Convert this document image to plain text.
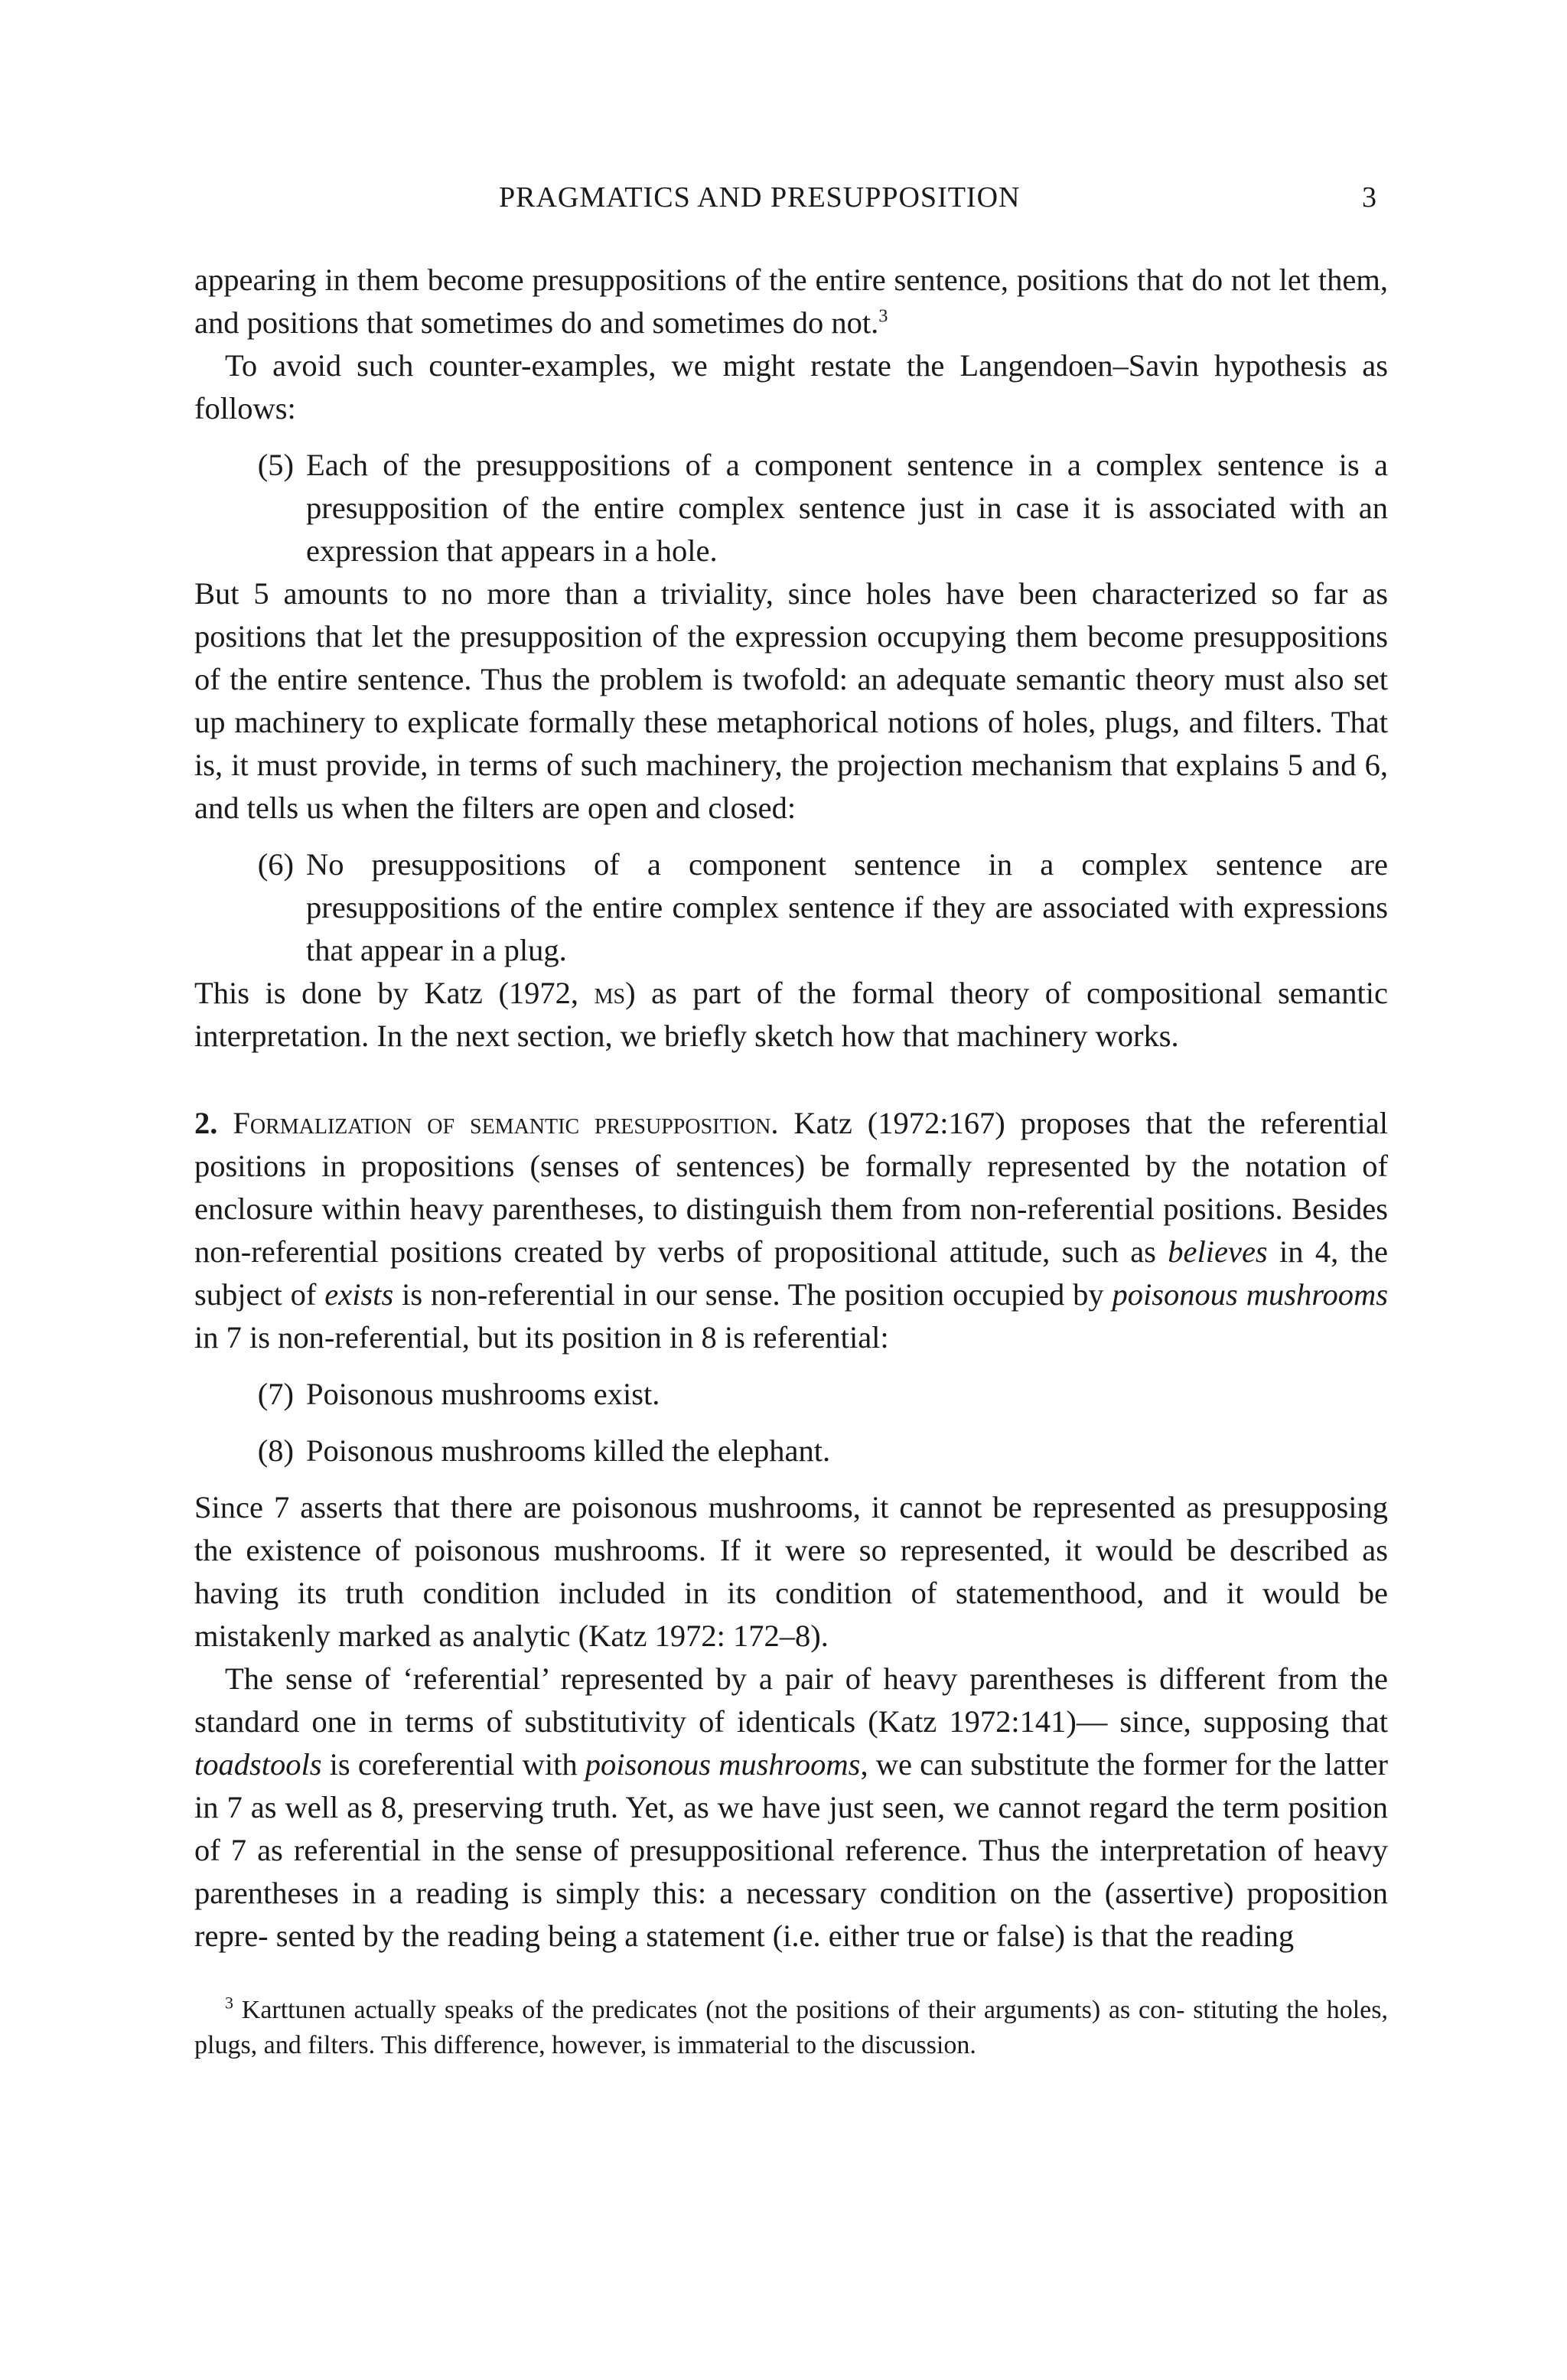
PRAGMATICS AND PRESUPPOSITION	3

appearing in them become presuppositions of the entire sentence, positions that do not let them, and positions that sometimes do and sometimes do not.$^3$

To avoid such counter-examples, we might restate the Langendoen–Savin hypothesis as follows:

(5) Each of the presuppositions of a component sentence in a complex sentence is a presupposition of the entire complex sentence just in case it is associated with an expression that appears in a hole.

But 5 amounts to no more than a triviality, since holes have been characterized so far as positions that let the presupposition of the expression occupying them become presuppositions of the entire sentence. Thus the problem is twofold: an adequate semantic theory must also set up machinery to explicate formally these metaphorical notions of holes, plugs, and filters. That is, it must provide, in terms of such machinery, the projection mechanism that explains 5 and 6, and tells us when the filters are open and closed:

(6) No presuppositions of a component sentence in a complex sentence are presuppositions of the entire complex sentence if they are associated with expressions that appear in a plug.

This is done by Katz (1972, ms) as part of the formal theory of compositional semantic interpretation. In the next section, we briefly sketch how that machinery works.

2. Formalization of semantic presupposition. Katz (1972:167) proposes that the referential positions in propositions (senses of sentences) be formally represented by the notation of enclosure within heavy parentheses, to distinguish them from non-referential positions. Besides non-referential positions created by verbs of propositional attitude, such as believes in 4, the subject of exists is non-referential in our sense. The position occupied by poisonous mushrooms in 7 is non-referential, but its position in 8 is referential:

(7) Poisonous mushrooms exist.
(8) Poisonous mushrooms killed the elephant.

Since 7 asserts that there are poisonous mushrooms, it cannot be represented as presupposing the existence of poisonous mushrooms. If it were so represented, it would be described as having its truth condition included in its condition of statementhood, and it would be mistakenly marked as analytic (Katz 1972: 172–8).

The sense of ‘referential’ represented by a pair of heavy parentheses is different from the standard one in terms of substitutivity of identicals (Katz 1972:141)— since, supposing that toadstools is coreferential with poisonous mushrooms, we can substitute the former for the latter in 7 as well as 8, preserving truth. Yet, as we have just seen, we cannot regard the term position of 7 as referential in the sense of presuppositional reference. Thus the interpretation of heavy parentheses in a reading is simply this: a necessary condition on the (assertive) proposition repre- sented by the reading being a statement (i.e. either true or false) is that the reading

$^3$ Karttunen actually speaks of the predicates (not the positions of their arguments) as con- stituting the holes, plugs, and filters. This difference, however, is immaterial to the discussion.
